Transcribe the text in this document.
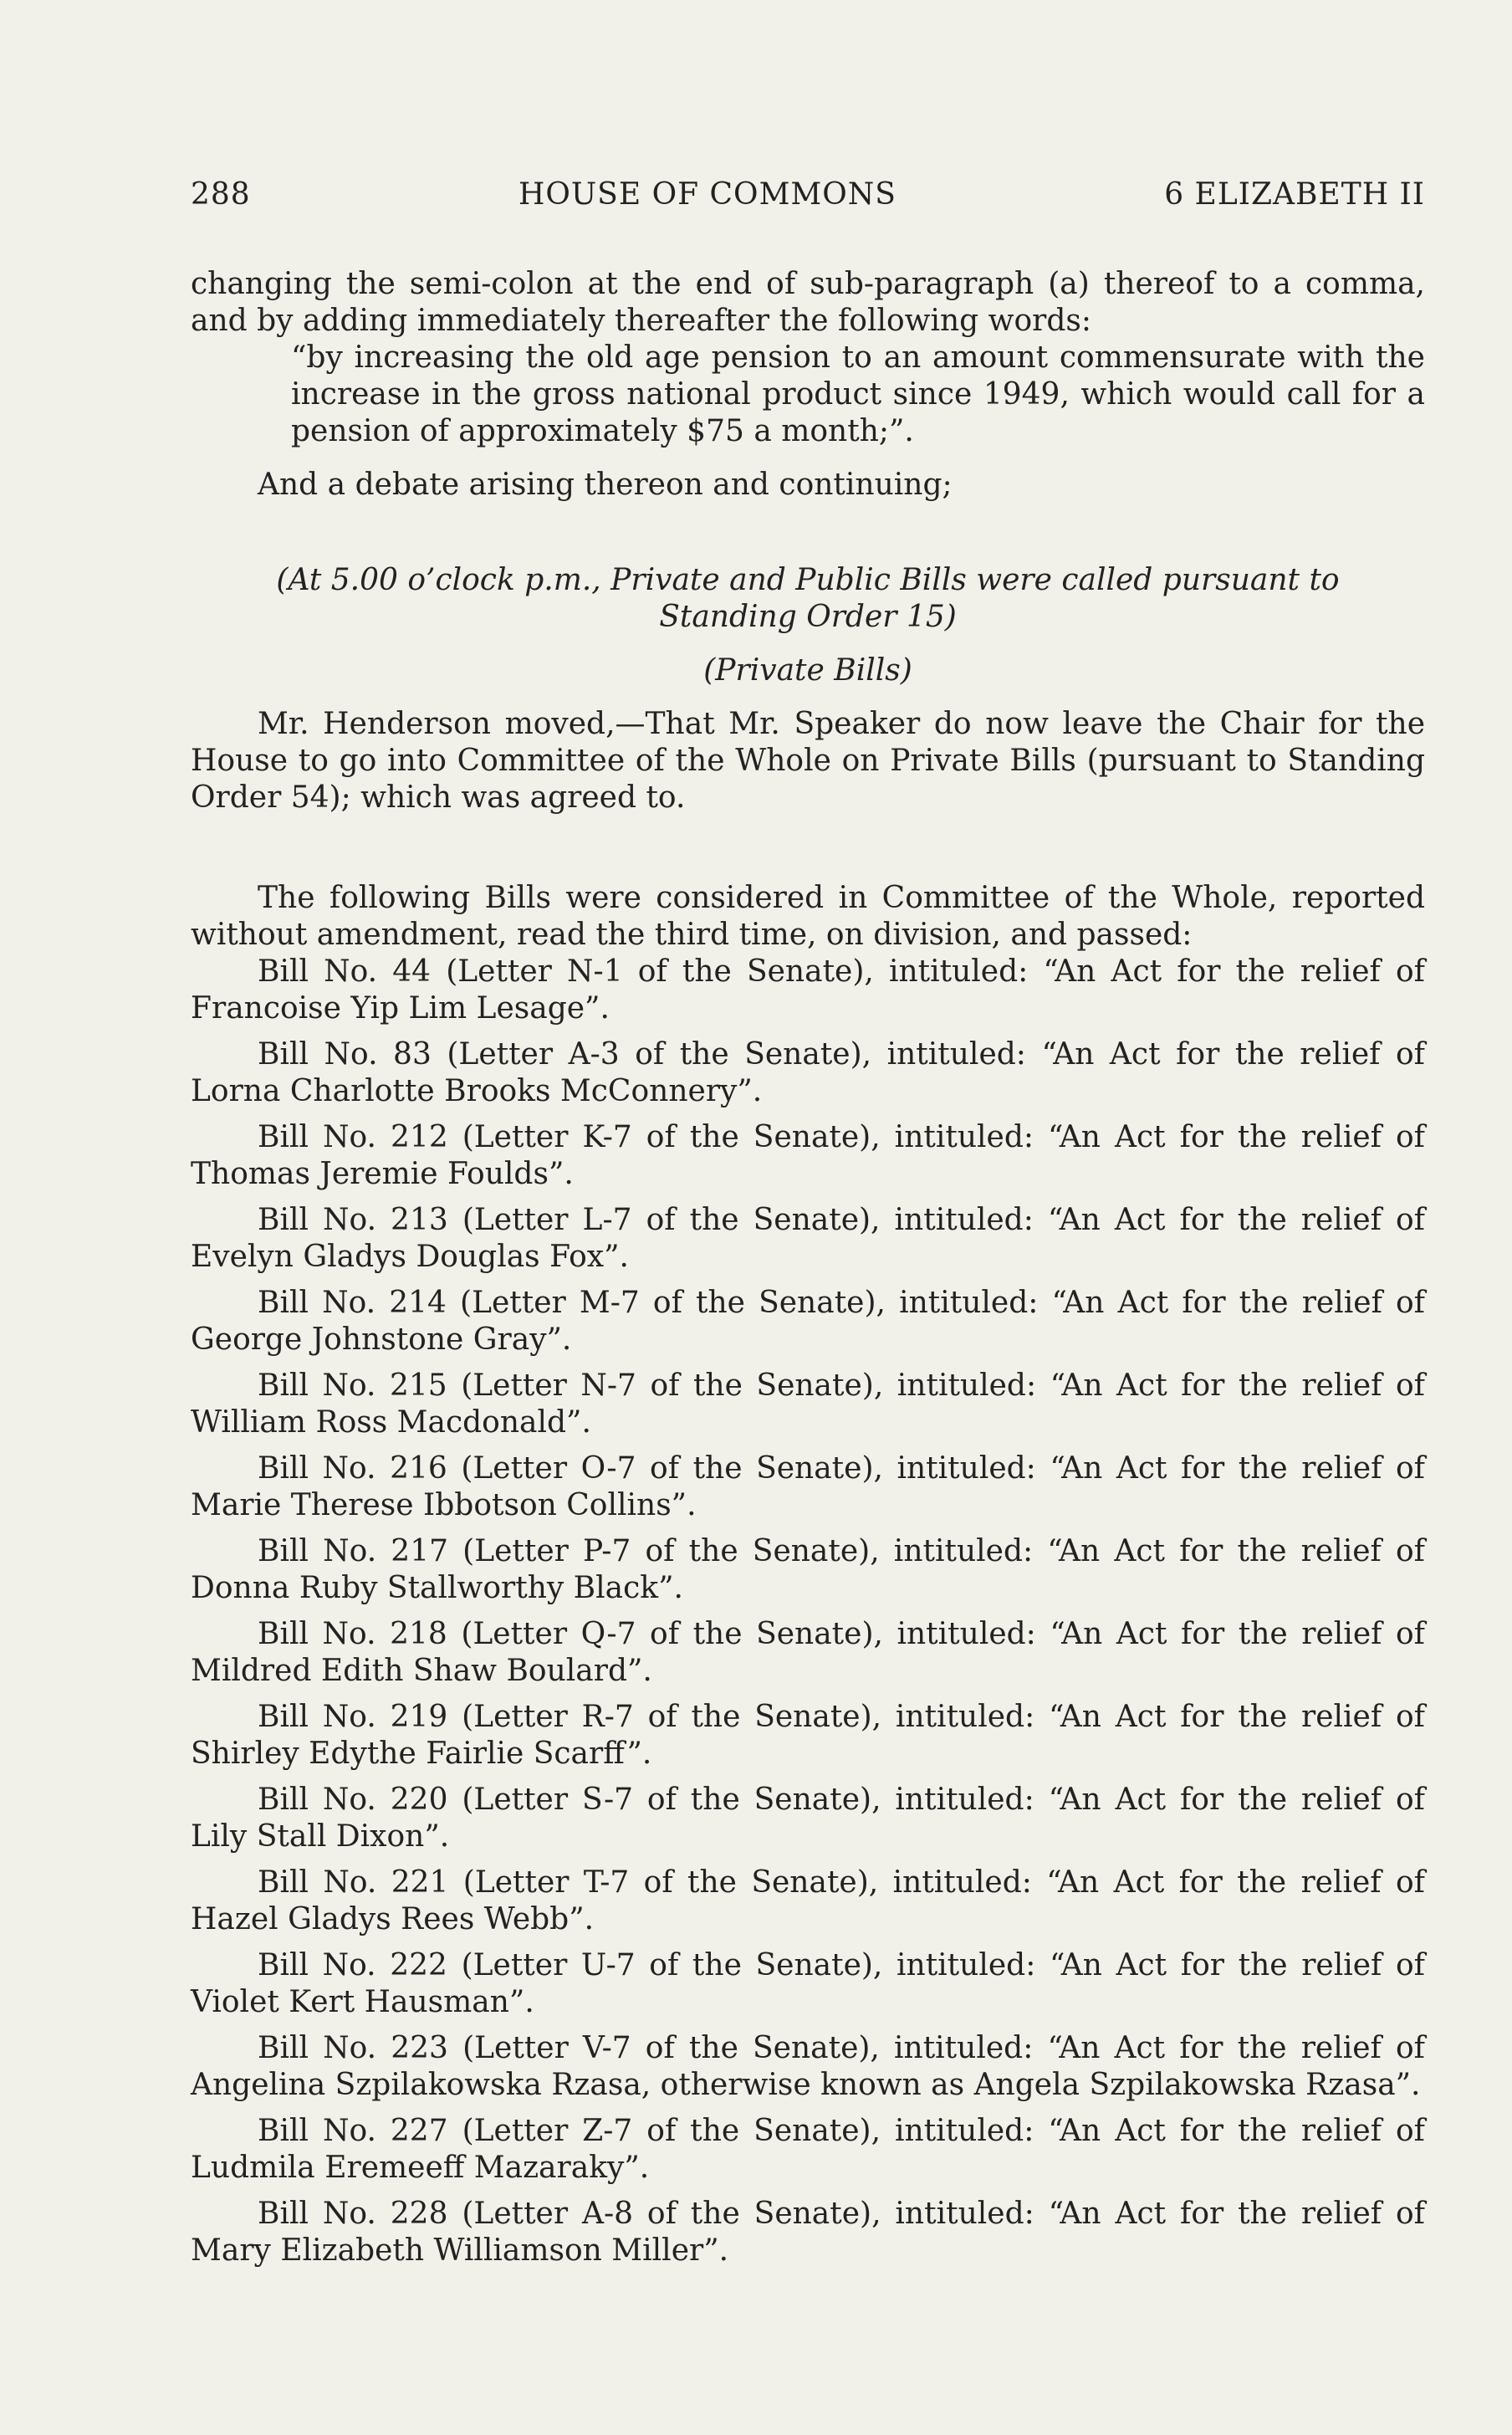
288	HOUSE OF COMMONS	6 ELIZABETH II

changing the semi-colon at the end of sub-paragraph (a) thereof to a comma, and by adding immediately thereafter the following words:

“by increasing the old age pension to an amount commensurate with the increase in the gross national product since 1949, which would call for a pension of approximately $75 a month;”.

And a debate arising thereon and continuing;

(At 5.00 o’clock p.m., Private and Public Bills were called pursuant to

Standing Order 15)

(Private Bills)

Mr. Henderson moved,—That Mr. Speaker do now leave the Chair for the House to go into Committee of the Whole on Private Bills (pursuant to Standing Order 54); which was agreed to.

The following Bills were considered in Committee of the Whole, reported without amendment, read the third time, on division, and passed:

Bill No. 44 (Letter N-1 of the Senate), intituled: “An Act for the relief of Francoise Yip Lim Lesage”.

Bill No. 83 (Letter A-3 of the Senate), intituled: “An Act for the relief of Lorna Charlotte Brooks McConnery”.

Bill No. 212 (Letter K-7 of the Senate), intituled: “An Act for the relief of Thomas Jeremie Foulds”.

Bill No. 213 (Letter L-7 of the Senate), intituled: “An Act for the relief of Evelyn Gladys Douglas Fox”.

Bill No. 214 (Letter M-7 of the Senate), intituled: “An Act for the relief of George Johnstone Gray”.

Bill No. 215 (Letter N-7 of the Senate), intituled: “An Act for the relief of William Ross Macdonald”.

Bill No. 216 (Letter O-7 of the Senate), intituled: “An Act for the relief of Marie Therese Ibbotson Collins”.

Bill No. 217 (Letter P-7 of the Senate), intituled: “An Act for the relief of Donna Ruby Stallworthy Black”.

Bill No. 218 (Letter Q-7 of the Senate), intituled: “An Act for the relief of Mildred Edith Shaw Boulard”.

Bill No. 219 (Letter R-7 of the Senate), intituled: “An Act for the relief of Shirley Edythe Fairlie Scarff”.

Bill No. 220 (Letter S-7 of the Senate), intituled: “An Act for the relief of Lily Stall Dixon”.

Bill No. 221 (Letter T-7 of the Senate), intituled: “An Act for the relief of Hazel Gladys Rees Webb”.

Bill No. 222 (Letter U-7 of the Senate), intituled: “An Act for the relief of Violet Kert Hausman”.

Bill No. 223 (Letter V-7 of the Senate), intituled: “An Act for the relief of Angelina Szpilakowska Rzasa, otherwise known as Angela Szpilakowska Rzasa”.

Bill No. 227 (Letter Z-7 of the Senate), intituled: “An Act for the relief of Ludmila Eremeeff Mazaraky”.

Bill No. 228 (Letter A-8 of the Senate), intituled: “An Act for the relief of Mary Elizabeth Williamson Miller”.
